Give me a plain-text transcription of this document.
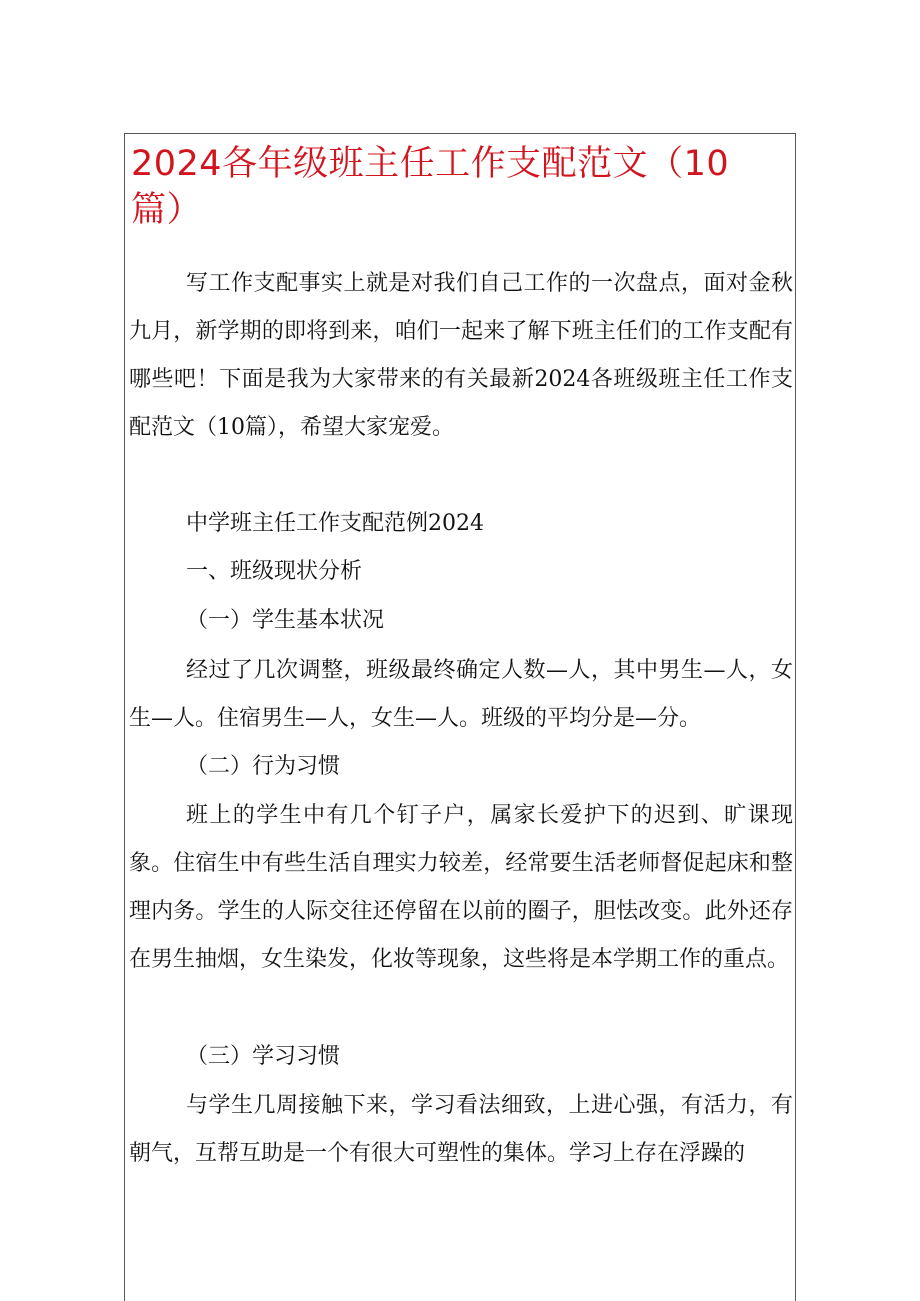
2024各年级班主任工作支配范文（10篇）

写工作支配事实上就是对我们自己工作的一次盘点，面对金秋九月，新学期的即将到来，咱们一起来了解下班主任们的工作支配有哪些吧！下面是我为大家带来的有关最新2024各班级班主任工作支配范文（10篇），希望大家宠爱。

中学班主任工作支配范例2024

一、班级现状分析

（一）学生基本状况

经过了几次调整，班级最终确定人数—人，其中男生—人，女生—人。住宿男生—人，女生—人。班级的平均分是—分。

（二）行为习惯

班上的学生中有几个钉子户，属家长爱护下的迟到、旷课现象。住宿生中有些生活自理实力较差，经常要生活老师督促起床和整理内务。学生的人际交往还停留在以前的圈子，胆怯改变。此外还存在男生抽烟，女生染发，化妆等现象，这些将是本学期工作的重点。

（三）学习习惯

与学生几周接触下来，学习看法细致，上进心强，有活力，有朝气，互帮互助是一个有很大可塑性的集体。学习上存在浮躁的
